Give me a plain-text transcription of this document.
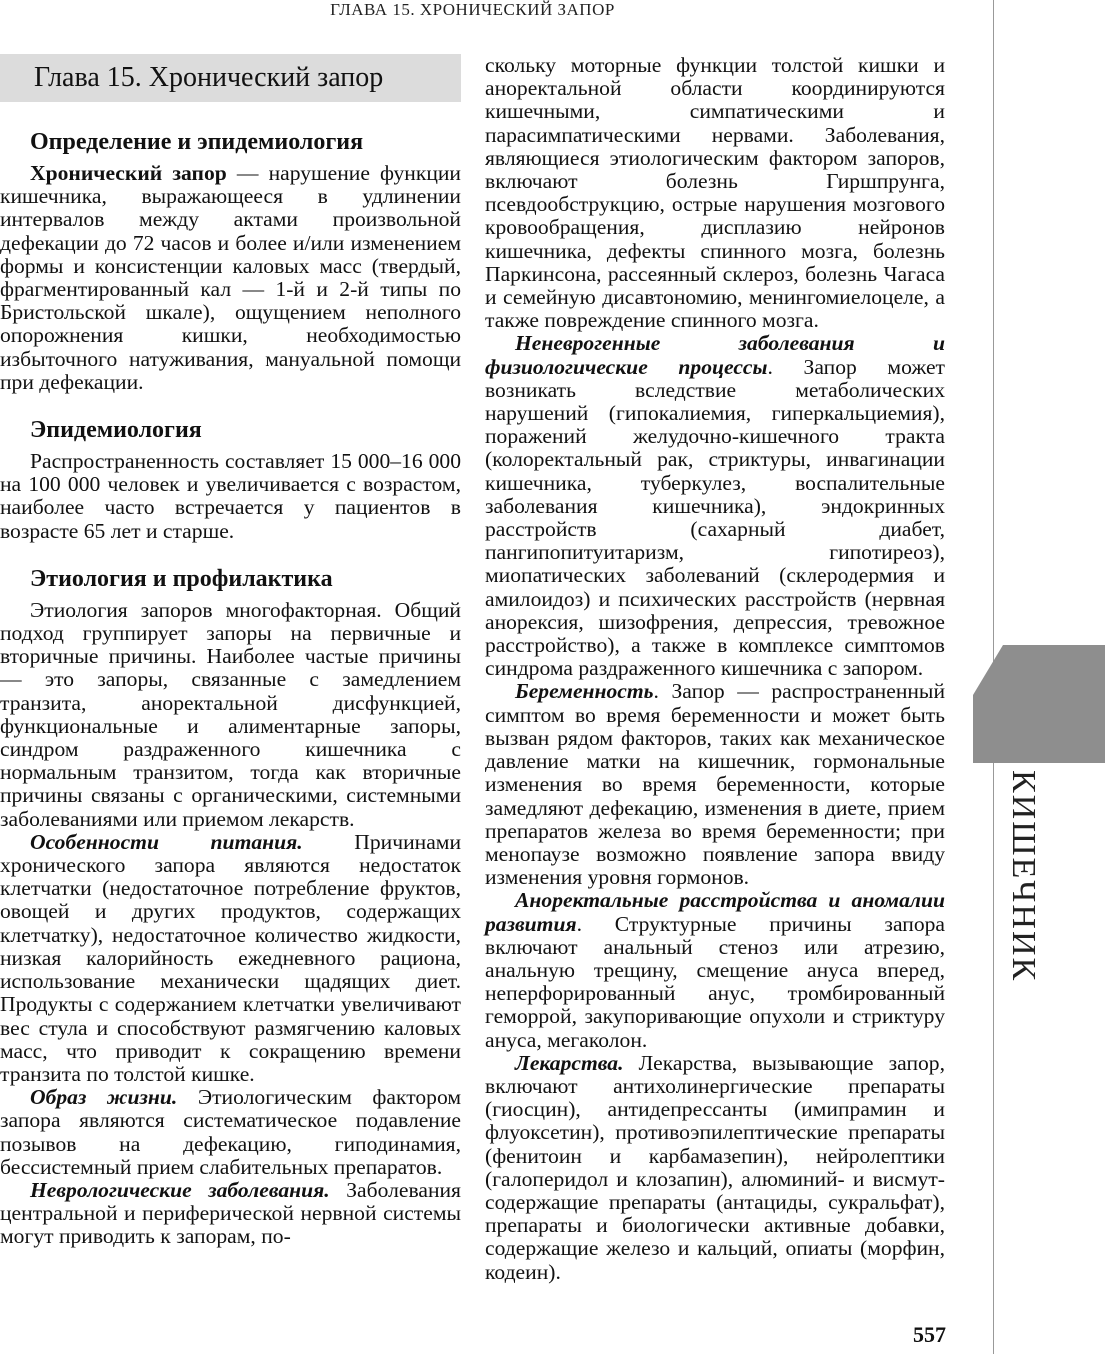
ГЛАВА 15. ХРОНИЧЕСКИЙ ЗАПОР
КИШЕЧНИК
Глава 15. Хронический запор
Определение и эпидемиология

Хронический запор — нарушение функции кишечника, выражающееся в удлинении интервалов между актами произвольной дефекации до 72 часов и более и/или изменением формы и консистенции каловых масс (твердый, фрагментированный кал — 1-й и 2-й типы по Бристольской шкале), ощущением неполного опорожнения кишки, необходимостью избыточного натуживания, мануальной помощи при дефекации.

Эпидемиология

Распространенность составляет 15 000–16 000 на 100 000 человек и увеличивается с возрастом, наиболее часто встречается у пациентов в возрасте 65 лет и старше.

Этиология и профилактика

Этиология запоров многофакторная. Общий подход группирует запоры на первичные и вторичные причины. Наиболее частые причины — это запоры, связанные с замедлением транзита, аноректальной дисфункцией, функциональные и алиментарные запоры, синдром раздраженного кишечника с нормальным транзитом, тогда как вторичные причины связаны с органическими, системными заболеваниями или приемом лекарств.

Особенности питания. Причинами хронического запора являются недостаток клетчатки (недостаточное потребление фруктов, овощей и других продуктов, содержащих клетчатку), недостаточное количество жидкости, низкая калорийность ежедневного рациона, использование механически щадящих диет. Продукты с содержанием клетчатки увеличивают вес стула и способствуют размягчению каловых масс, что приводит к сокращению времени транзита по толстой кишке.

Образ жизни. Этиологическим фактором запора являются систематическое подавление позывов на дефекацию, гиподинамия, бессистемный прием слабительных препаратов.

Неврологические заболевания. Заболевания центральной и периферической нервной системы могут приводить к запорам, по-

скольку моторные функции толстой кишки и аноректальной области координируются кишечными, симпатическими и парасимпатическими нервами. Заболевания, являющиеся этиологическим фактором запоров, включают болезнь Гиршпрунга, псевдообструкцию, острые нарушения мозгового кровообращения, дисплазию нейронов кишечника, дефекты спинного мозга, болезнь Паркинсона, рассеянный склероз, болезнь Чагаса и семейную дисавтономию, менингомиелоцеле, а также повреждение спинного мозга.

Неневрогенные заболевания и физиологические процессы. Запор может возникать вследствие метаболических нарушений (гипокалиемия, гиперкальциемия), поражений желудочно-кишечного тракта (колоректальный рак, стриктуры, инвагинации кишечника, туберкулез, воспалительные заболевания кишечника), эндокринных расстройств (сахарный диабет, пангипопитуитаризм, гипотиреоз), миопатических заболеваний (склеродермия и амилоидоз) и психических расстройств (нервная анорексия, шизофрения, депрессия, тревожное расстройство), а также в комплексе симптомов синдрома раздраженного кишечника с запором.

Беременность. Запор — распространенный симптом во время беременности и может быть вызван рядом факторов, таких как механическое давление матки на кишечник, гормональные изменения во время беременности, которые замедляют дефекацию, изменения в диете, прием препаратов железа во время беременности; при менопаузе возможно появление запора ввиду изменения уровня гормонов.

Аноректальные расстройства и аномалии развития. Структурные причины запора включают анальный стеноз или атрезию, анальную трещину, смещение ануса вперед, неперфорированный анус, тромбированный геморрой, закупоривающие опухоли и стриктуру ануса, мегаколон.

Лекарства. Лекарства, вызывающие запор, включают антихолинергические препараты (гиосцин), антидепрессанты (имипрамин и флуоксетин), противоэпилептические препараты (фенитоин и карбамазепин), нейролептики (галоперидол и клозапин), алюминий- и висмут-содержащие препараты (антациды, сукральфат), препараты и биологически активные добавки, содержащие железо и кальций, опиаты (морфин, кодеин).

557
